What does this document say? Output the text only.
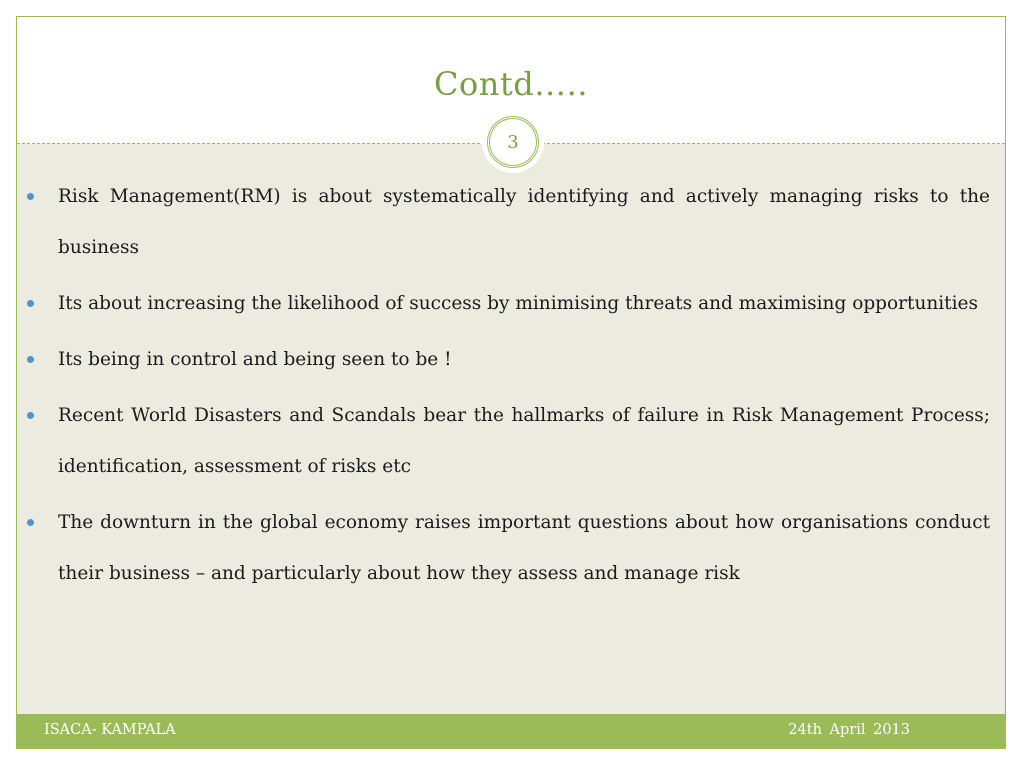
Contd…..
3
Risk Management(RM) is about systematically identifying and actively managing risks to the business
Its about increasing the likelihood of success by minimising threats and maximising opportunities
Its being in control and being seen to be !
Recent World Disasters and Scandals bear the hallmarks of failure in Risk Management Process; identification, assessment of risks etc
The downturn in the global economy raises important questions about how organisations conduct their business – and particularly about how they assess and manage risk
ISACA- KAMPALA	24th April 2013
